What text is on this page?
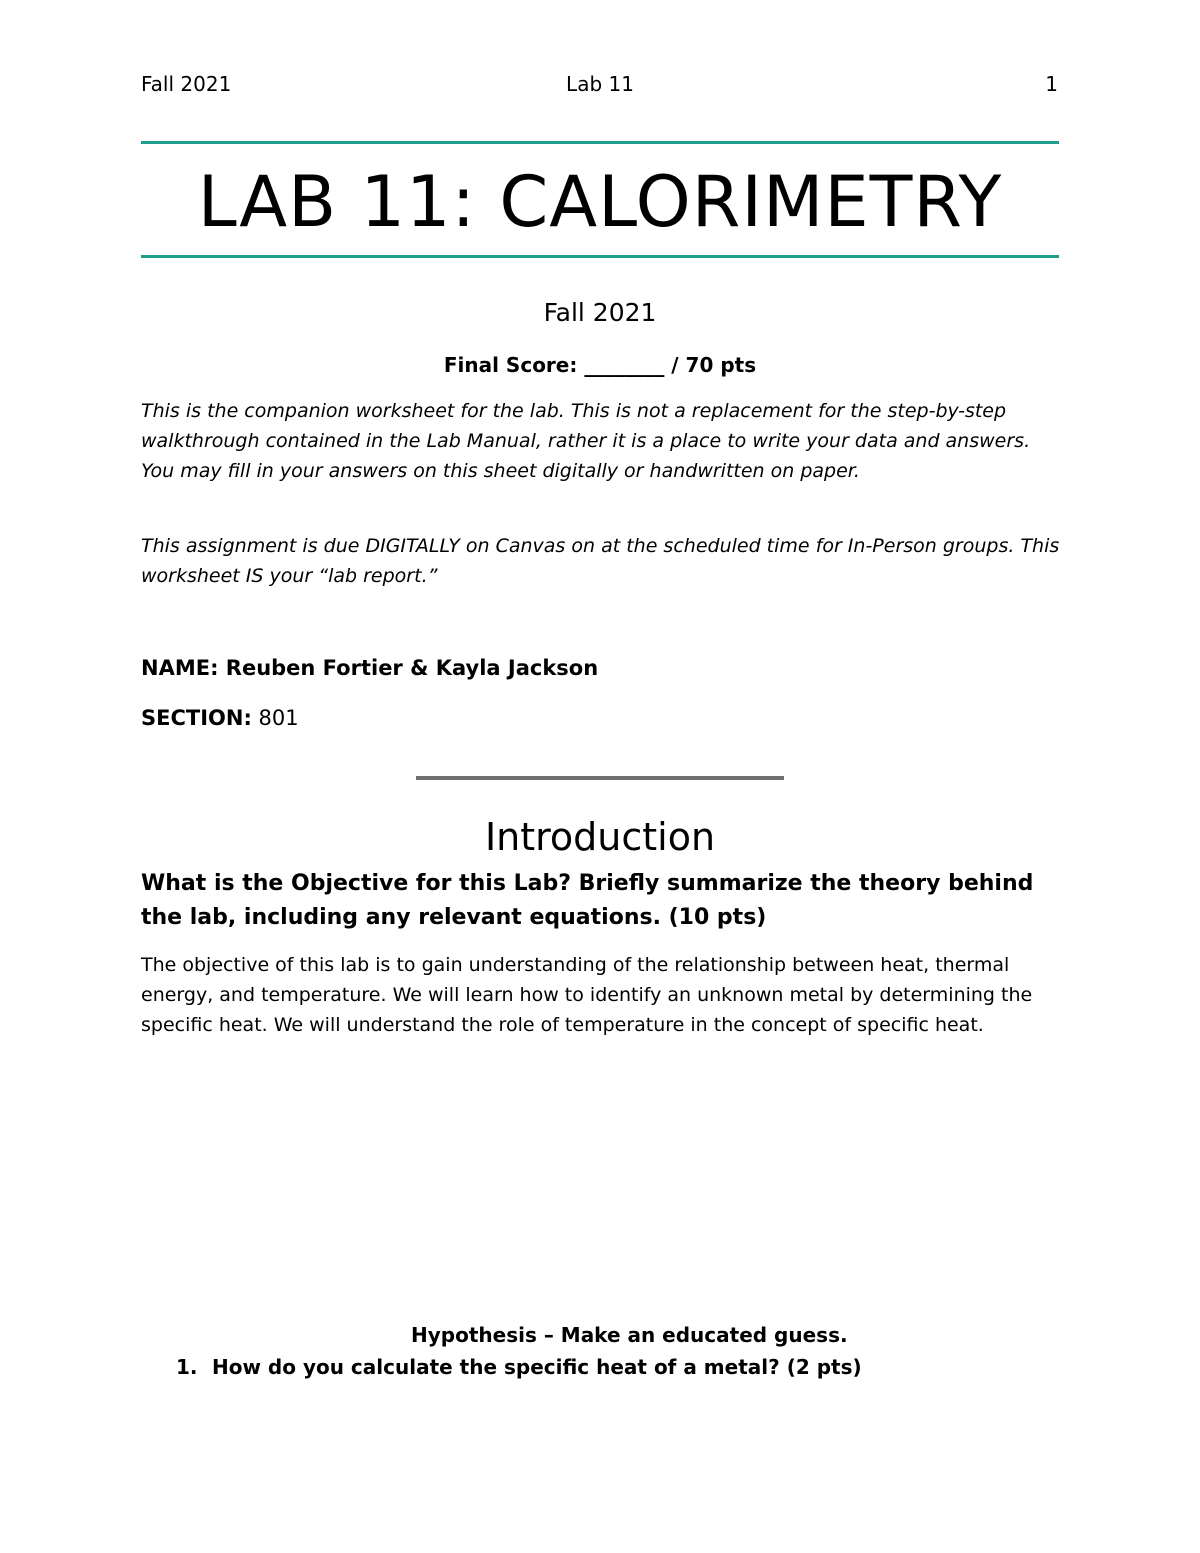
Fall 2021	Lab 11	1
LAB 11: CALORIMETRY
Fall 2021
Final Score: ________ / 70 pts
This is the companion worksheet for the lab. This is not a replacement for the step-by-step walkthrough contained in the Lab Manual, rather it is a place to write your data and answers. You may fill in your answers on this sheet digitally or handwritten on paper.
This assignment is due DIGITALLY on Canvas on at the scheduled time for In-Person groups. This worksheet IS your “lab report.”
NAME: Reuben Fortier & Kayla Jackson
SECTION: 801
Introduction
What is the Objective for this Lab? Briefly summarize the theory behind the lab, including any relevant equations. (10 pts)
The objective of this lab is to gain understanding of the relationship between heat, thermal energy, and temperature. We will learn how to identify an unknown metal by determining the specific heat. We will understand the role of temperature in the concept of specific heat.
Hypothesis – Make an educated guess.
1. How do you calculate the specific heat of a metal? (2 pts)
